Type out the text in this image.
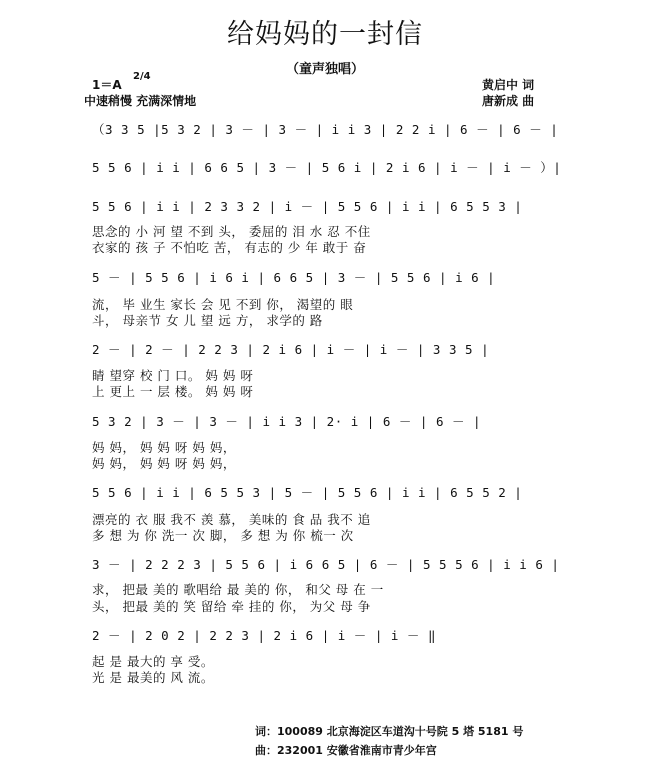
给妈妈的一封信
（童声独唱）
1＝A
2/4
中速稍慢 充满深情地
黄启中 词
唐新成 曲
（3 3 5 |5 3 2 | 3 － | 3 － | i i 3 | 2 2 i | 6 － | 6 － |
5 5 6 | i i | 6 6 5 | 3 － | 5 6 i | 2 i 6 | i － | i － ）|
5 5 6 | i i | 2 3 3 2 | i － | 5 5 6 | i i | 6 5 5 3 |
思念的 小 河 望 不到 头， 委屈的 泪 水 忍 不住
衣家的 孩 子 不怕吃 苦， 有志的 少 年 敢于 奋
5 － | 5 5 6 | i 6 i | 6 6 5 | 3 － | 5 5 6 | i 6 |
流， 毕 业生 家长 会 见 不到 你， 渴望的 眼
斗， 母亲节 女 儿 望 远 方， 求学的 路
2 － | 2 － | 2 2 3 | 2 i 6 | i － | i － | 3 3 5 |
睛 望穿 校 门 口。 妈 妈 呀
上 更上 一 层 楼。 妈 妈 呀
5 3 2 | 3 － | 3 － | i i 3 | 2· i | 6 － | 6 － |
妈 妈， 妈 妈 呀 妈 妈，
妈 妈， 妈 妈 呀 妈 妈，
5 5 6 | i i | 6 5 5 3 | 5 － | 5 5 6 | i i | 6 5 5 2 |
漂亮的 衣 服 我不 羡 慕， 美味的 食 品 我不 追
多 想 为 你 洗一 次 脚， 多 想 为 你 梳一 次
3 － | 2 2 2 3 | 5 5 6 | i 6 6 5 | 6 － | 5 5 5 6 | i i 6 |
求， 把最 美的 歌唱给 最 美的 你， 和父 母 在 一
头， 把最 美的 笑 留给 牵 挂的 你， 为父 母 争
2 － | 2 0 2 | 2 2 3 | 2 i 6 | i － | i － ‖
起 是 最大的 享 受。
光 是 最美的 风 流。
词：100089 北京海淀区车道沟十号院 5 塔 5181 号
曲：232001 安徽省淮南市青少年宫
